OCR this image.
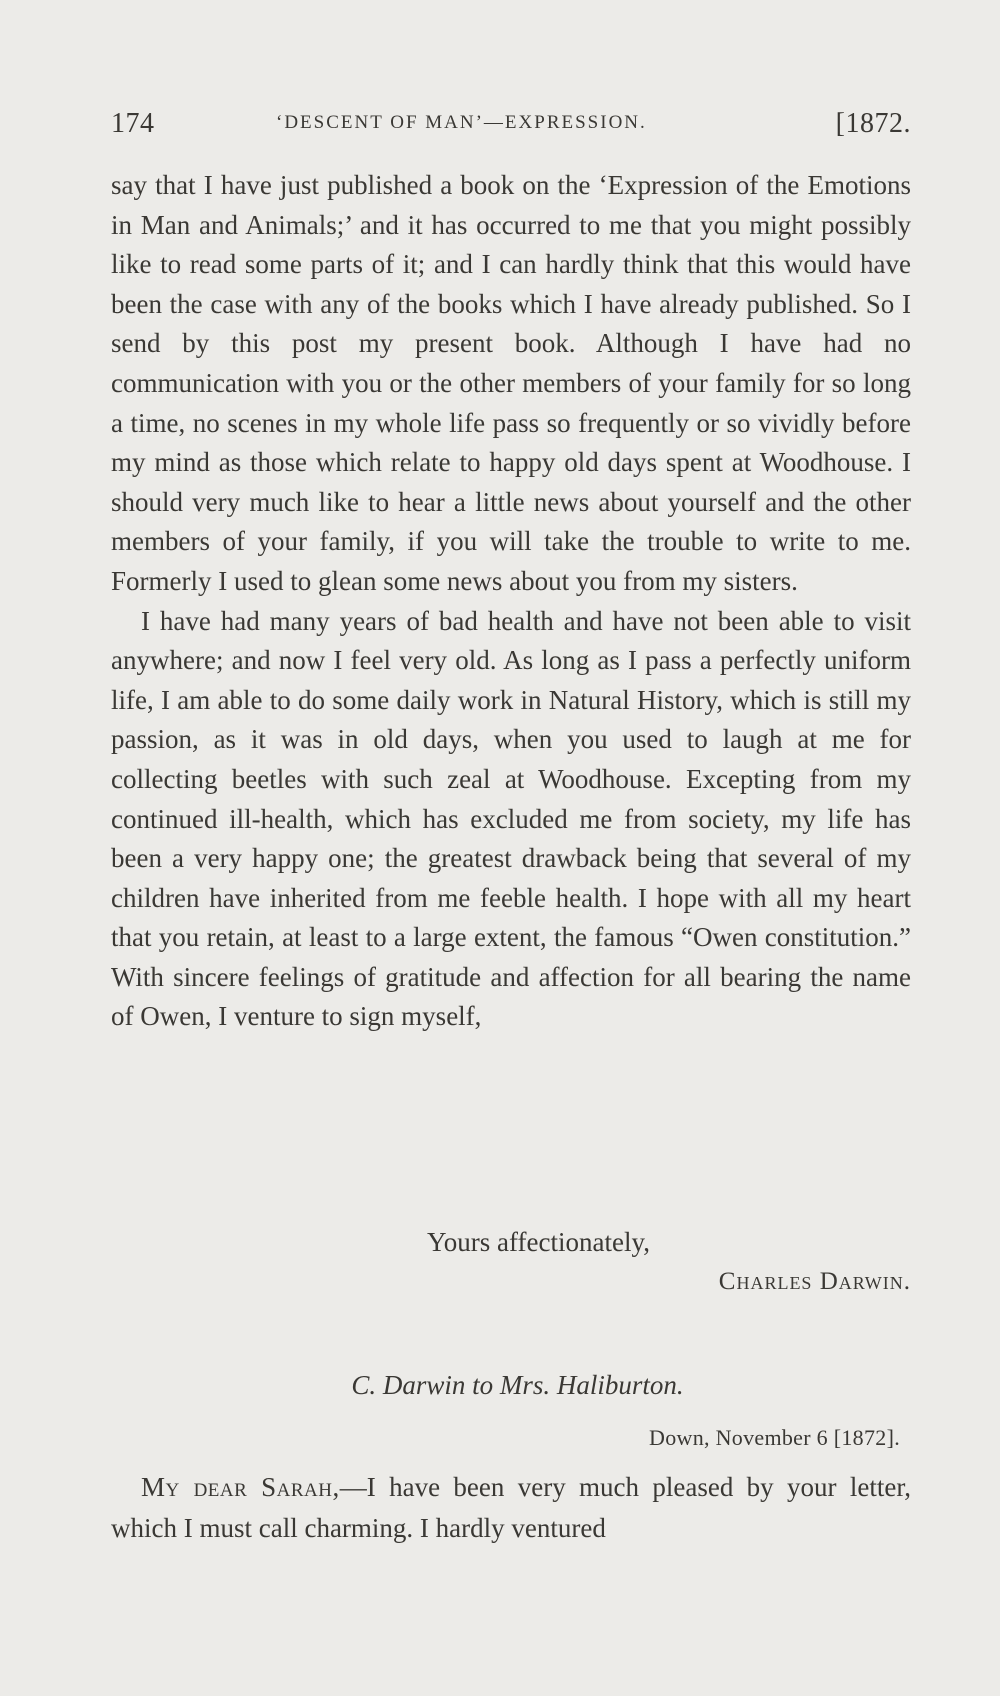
174	‘DESCENT OF MAN’—EXPRESSION.	[1872.

say that I have just published a book on the ‘Expression of the Emotions in Man and Animals;’ and it has occurred to me that you might possibly like to read some parts of it; and I can hardly think that this would have been the case with any of the books which I have already published. So I send by this post my present book. Although I have had no communication with you or the other members of your family for so long a time, no scenes in my whole life pass so frequently or so vividly before my mind as those which relate to happy old days spent at Woodhouse. I should very much like to hear a little news about yourself and the other members of your family, if you will take the trouble to write to me. Formerly I used to glean some news about you from my sisters.

I have had many years of bad health and have not been able to visit anywhere; and now I feel very old. As long as I pass a perfectly uniform life, I am able to do some daily work in Natural History, which is still my passion, as it was in old days, when you used to laugh at me for collecting beetles with such zeal at Woodhouse. Excepting from my continued ill-health, which has excluded me from society, my life has been a very happy one; the greatest drawback being that several of my children have inherited from me feeble health. I hope with all my heart that you retain, at least to a large extent, the famous “Owen constitution.” With sincere feelings of gratitude and affection for all bearing the name of Owen, I venture to sign myself,

Yours affectionately,
Charles Darwin.
C. Darwin to Mrs. Haliburton.
Down, November 6 [1872].

My dear Sarah,—I have been very much pleased by your letter, which I must call charming. I hardly ventured
